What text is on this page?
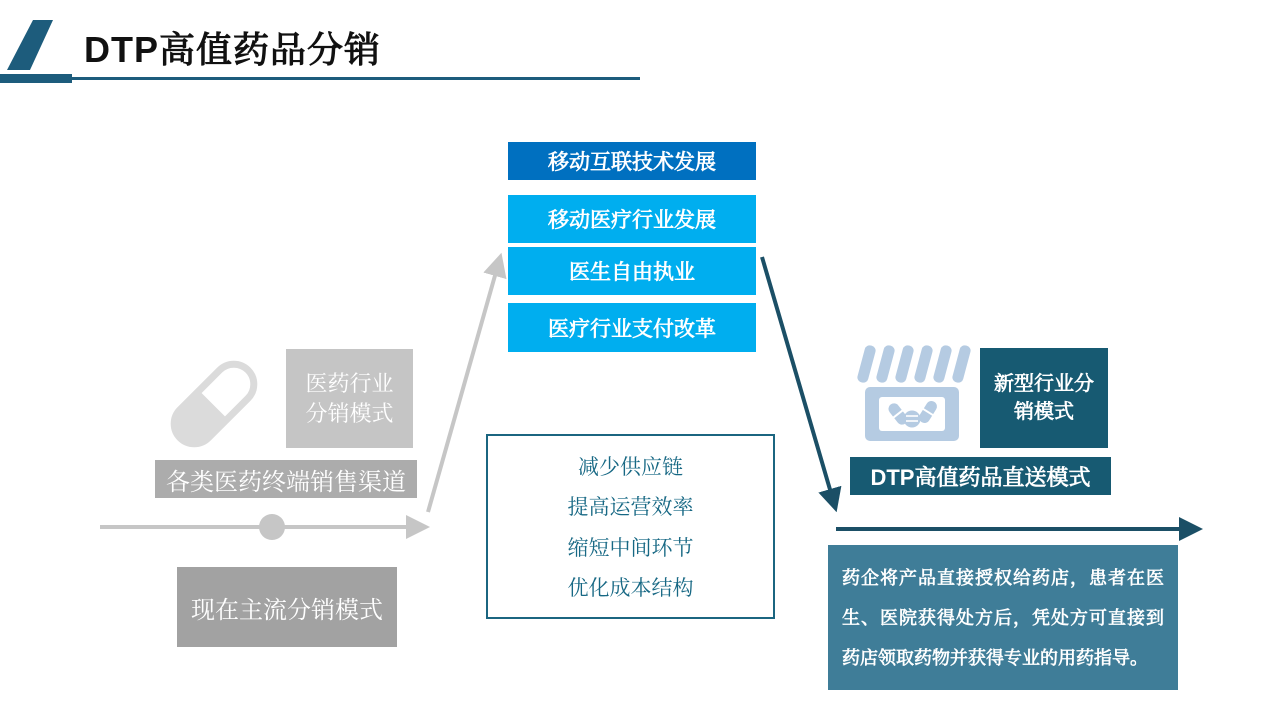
DTP高值药品分销
移动互联技术发展
移动医疗行业发展
医生自由执业
医疗行业支付改革
医药行业
分销模式
各类医药终端销售渠道
现在主流分销模式
减少供应链
提高运营效率
缩短中间环节
优化成本结构
新型行业分
销模式
DTP高值药品直送模式
药企将产品直接授权给药店，患者在医生、医院获得处方后，凭处方可直接到药店领取药物并获得专业的用药指导。
